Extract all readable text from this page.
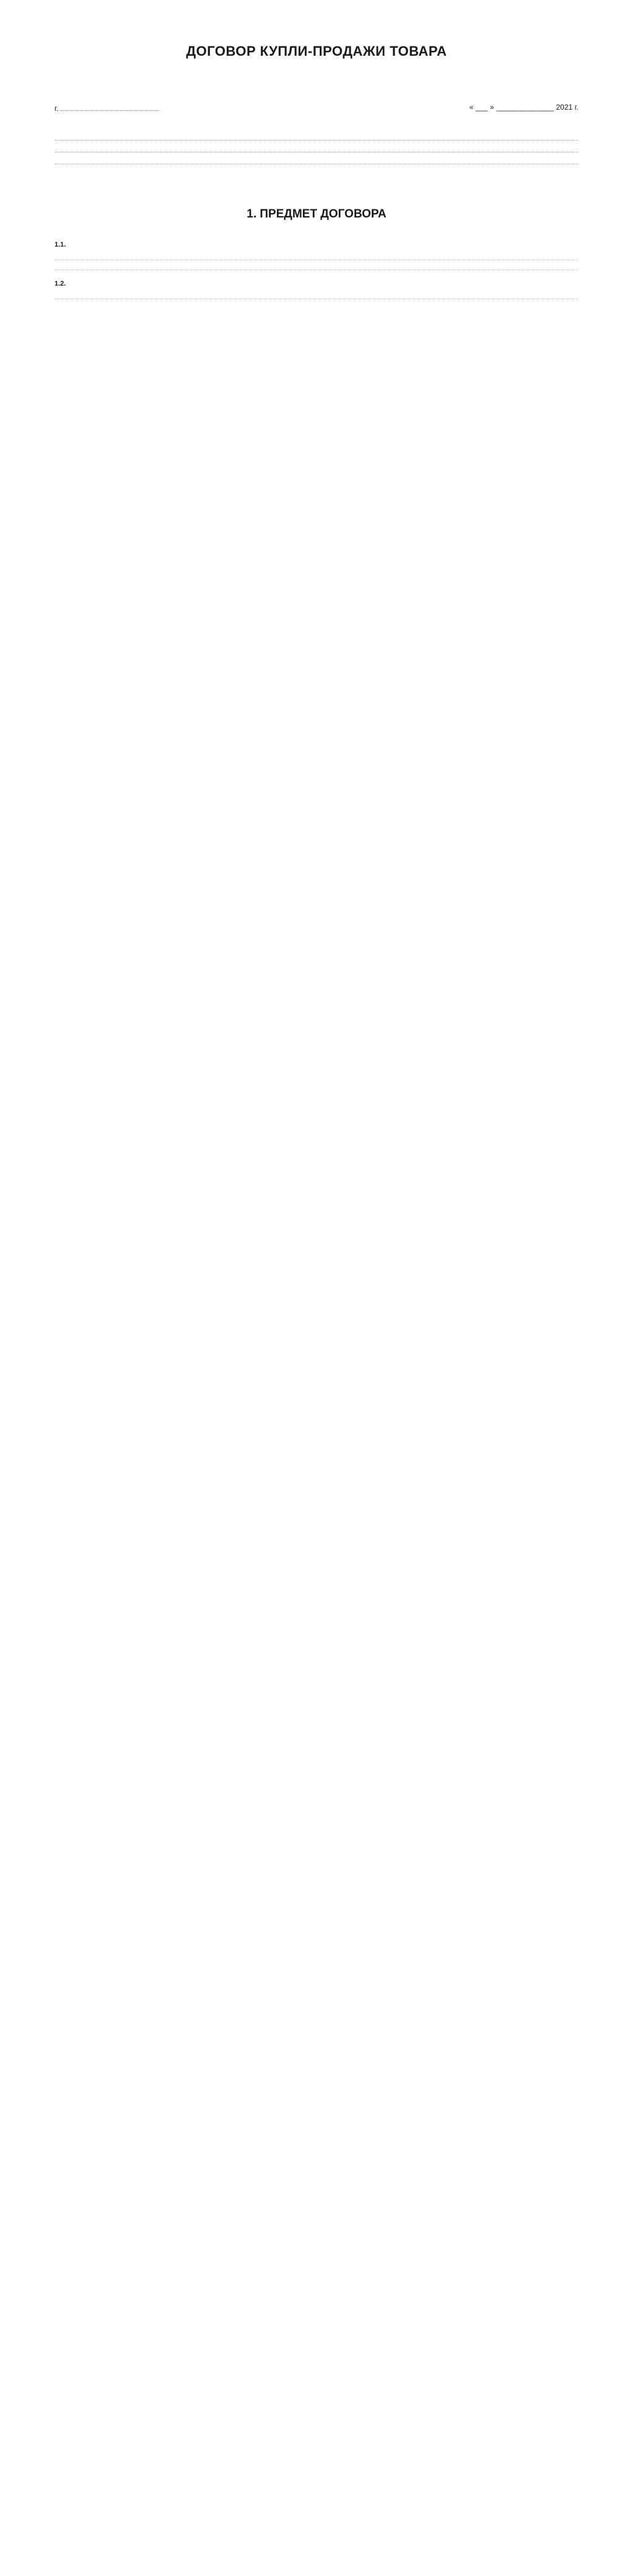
ДОГОВОР КУПЛИ-ПРОДАЖИ ТОВАРА
г.	« ___ » ______________ 2021 г.

1. ПРЕДМЕТ ДОГОВОРА
1.1.
1.2.
